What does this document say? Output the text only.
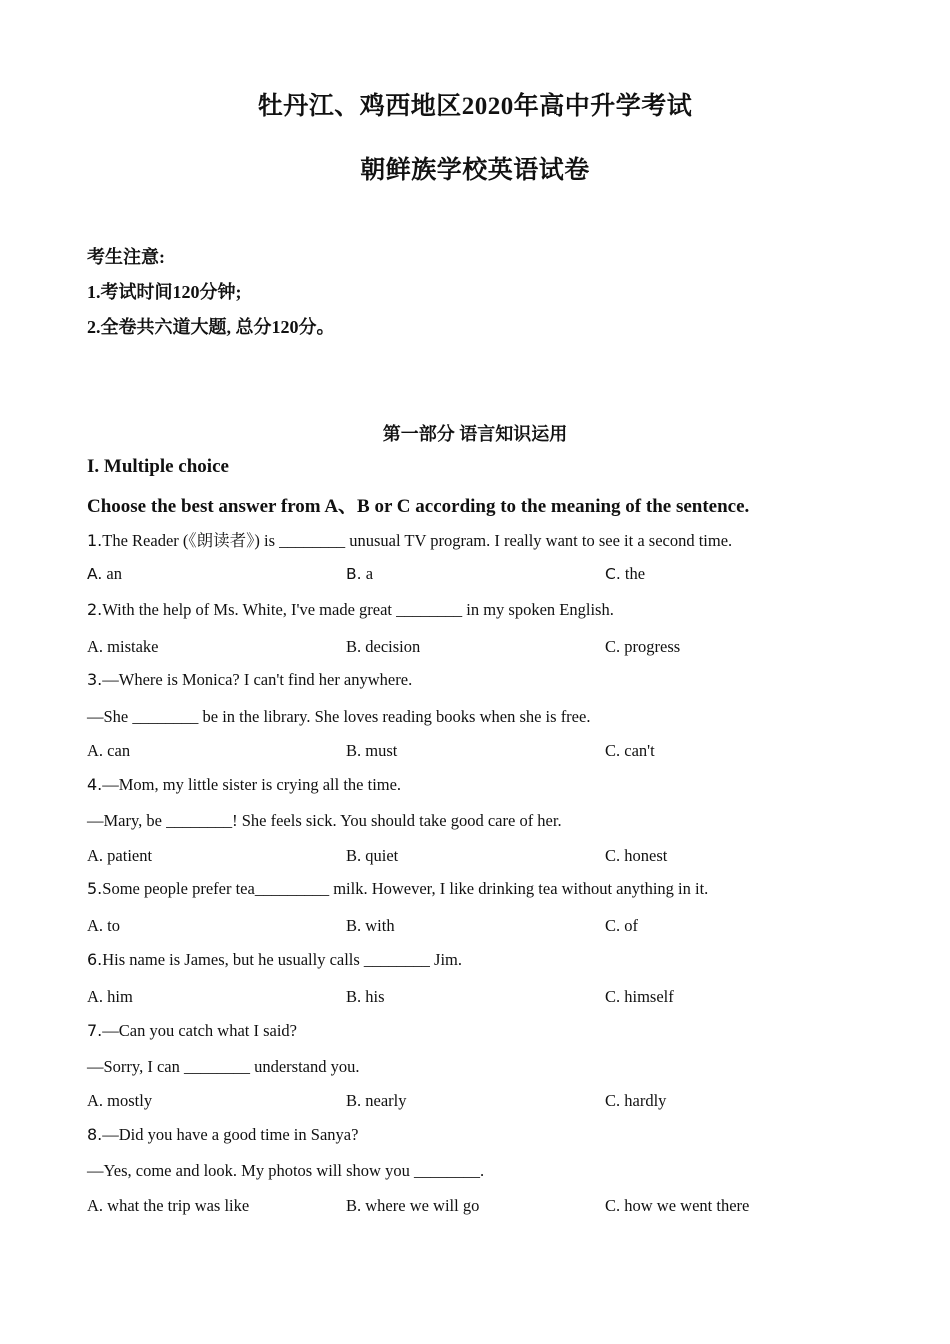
牡丹江、鸡西地区2020年高中升学考试
朝鲜族学校英语试卷
考生注意:
1.考试时间120分钟;
2.全卷共六道大题, 总分120分。
第一部分 语言知识运用
I. Multiple choice
Choose the best answer from A、B or C according to the meaning of the sentence.
1.The Reader (《朗读者》) is ________ unusual TV program. I really want to see it a second time.
A. an	B. a	C. the
2.With the help of Ms. White, I've made great ________ in my spoken English.
A. mistake	B. decision	C. progress
3.—Where is Monica? I can't find her anywhere.
—She ________ be in the library. She loves reading books when she is free.
A. can	B. must	C. can't
4.—Mom, my little sister is crying all the time.
—Mary, be ________! She feels sick. You should take good care of her.
A. patient	B. quiet	C. honest
5.Some people prefer tea_________ milk. However, I like drinking tea without anything in it.
A. to	B. with	C. of
6.His name is James, but he usually calls ________ Jim.
A. him	B. his	C. himself
7.—Can you catch what I said?
—Sorry, I can ________ understand you.
A. mostly	B. nearly	C. hardly
8.—Did you have a good time in Sanya?
—Yes, come and look. My photos will show you ________.
A. what the trip was like	B. where we will go	C. how we went there
